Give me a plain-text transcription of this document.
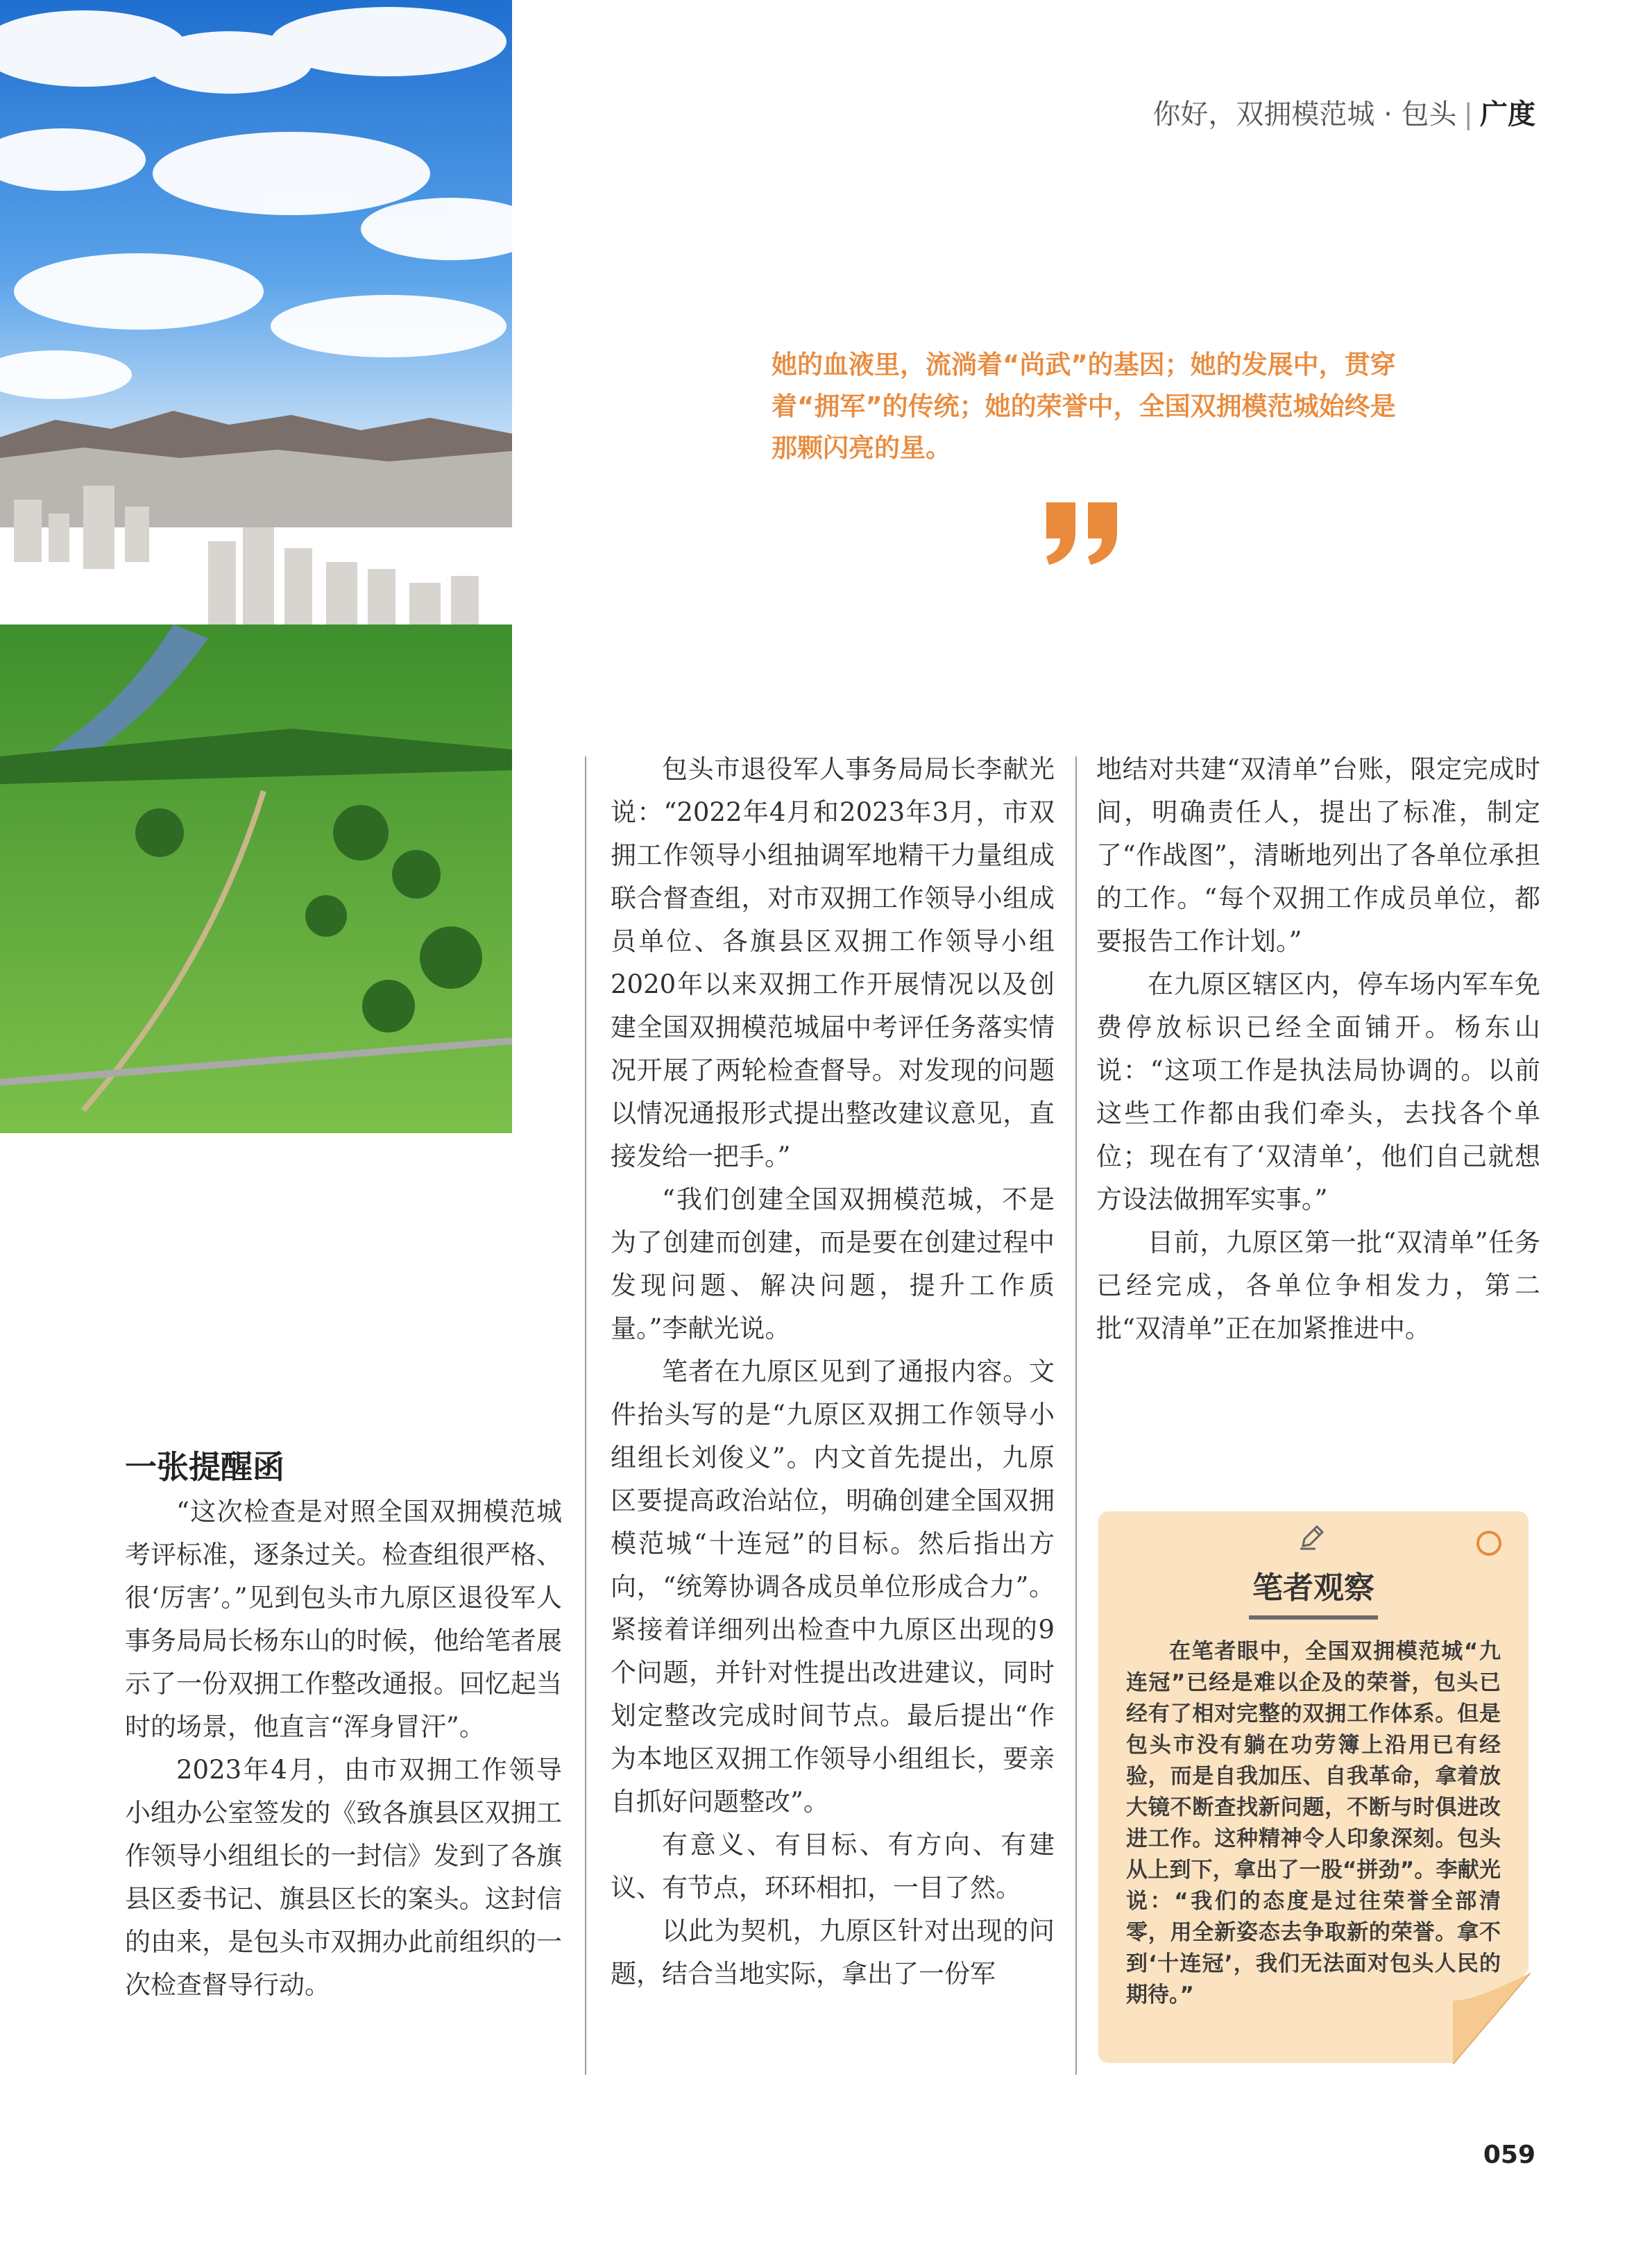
你好，双拥模范城 · 包头 | 广度
她的血液里，流淌着“尚武”的基因；她的发展中，贯穿着“拥军”的传统；她的荣誉中，全国双拥模范城始终是那颗闪亮的星。

包头市退役军人事务局局长李献光说：“2022年4月和2023年3月，市双拥工作领导小组抽调军地精干力量组成联合督查组，对市双拥工作领导小组成员单位、各旗县区双拥工作领导小组2020年以来双拥工作开展情况以及创建全国双拥模范城届中考评任务落实情况开展了两轮检查督导。对发现的问题以情况通报形式提出整改建议意见，直接发给一把手。”

“我们创建全国双拥模范城，不是为了创建而创建，而是要在创建过程中发现问题、解决问题，提升工作质量。”李献光说。

笔者在九原区见到了通报内容。文件抬头写的是“九原区双拥工作领导小组组长刘俊义”。内文首先提出，九原区要提高政治站位，明确创建全国双拥模范城“十连冠”的目标。然后指出方向，“统筹协调各成员单位形成合力”。紧接着详细列出检查中九原区出现的9个问题，并针对性提出改进建议，同时划定整改完成时间节点。最后提出“作为本地区双拥工作领导小组组长，要亲自抓好问题整改”。

有意义、有目标、有方向、有建议、有节点，环环相扣，一目了然。

以此为契机，九原区针对出现的问题，结合当地实际，拿出了一份军

地结对共建“双清单”台账，限定完成时间，明确责任人，提出了标准，制定了“作战图”，清晰地列出了各单位承担的工作。“每个双拥工作成员单位，都要报告工作计划。”

在九原区辖区内，停车场内军车免费停放标识已经全面铺开。杨东山说：“这项工作是执法局协调的。以前这些工作都由我们牵头，去找各个单位；现在有了‘双清单’，他们自己就想方设法做拥军实事。”

目前，九原区第一批“双清单”任务已经完成，各单位争相发力，第二批“双清单”正在加紧推进中。

一张提醒函

“这次检查是对照全国双拥模范城考评标准，逐条过关。检查组很严格、很‘厉害’。”见到包头市九原区退役军人事务局局长杨东山的时候，他给笔者展示了一份双拥工作整改通报。回忆起当时的场景，他直言“浑身冒汗”。

2023年4月，由市双拥工作领导小组办公室签发的《致各旗县区双拥工作领导小组组长的一封信》发到了各旗县区委书记、旗县区长的案头。这封信的由来，是包头市双拥办此前组织的一次检查督导行动。

笔者观察

在笔者眼中，全国双拥模范城“九连冠”已经是难以企及的荣誉，包头已经有了相对完整的双拥工作体系。但是包头市没有躺在功劳簿上沿用已有经验，而是自我加压、自我革命，拿着放大镜不断查找新问题，不断与时俱进改进工作。这种精神令人印象深刻。包头从上到下，拿出了一股“拼劲”。李献光说：“我们的态度是过往荣誉全部清零，用全新姿态去争取新的荣誉。拿不到‘十连冠’，我们无法面对包头人民的期待。”

059
